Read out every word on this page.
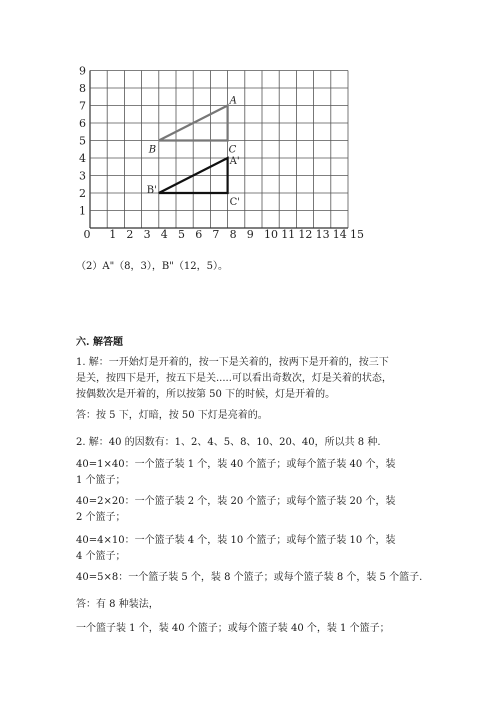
0 1 2 3 4 5 6 7 8 9 10 11 12 13 14 15
1
2
3
4
5
6
7
8
9
A
B	C
A'
B'
C'
（2）A"（8，3），B"（12，5）。
六. 解答题
1. 解：一开始灯是开着的，按一下是关着的，按两下是开着的，按三下是关，按四下是开，按五下是关.....可以看出奇数次，灯是关着的状态，按偶数次是开着的，所以按第 50 下的时候，灯是开着的。
答：按 5 下，灯暗，按 50 下灯是亮着的。
2. 解：40 的因数有：1、2、4、5、8、10、20、40，所以共 8 种.
40=1×40：一个篮子装 1 个，装 40 个篮子；或每个篮子装 40 个，装 1 个篮子；
40=2×20：一个篮子装 2 个，装 20 个篮子；或每个篮子装 20 个，装 2 个篮子；
40=4×10：一个篮子装 4 个，装 10 个篮子；或每个篮子装 10 个，装 4 个篮子；
40=5×8：一个篮子装 5 个，装 8 个篮子；或每个篮子装 8 个，装 5 个篮子.
答：有 8 种装法，
一个篮子装 1 个，装 40 个篮子；或每个篮子装 40 个，装 1 个篮子；
